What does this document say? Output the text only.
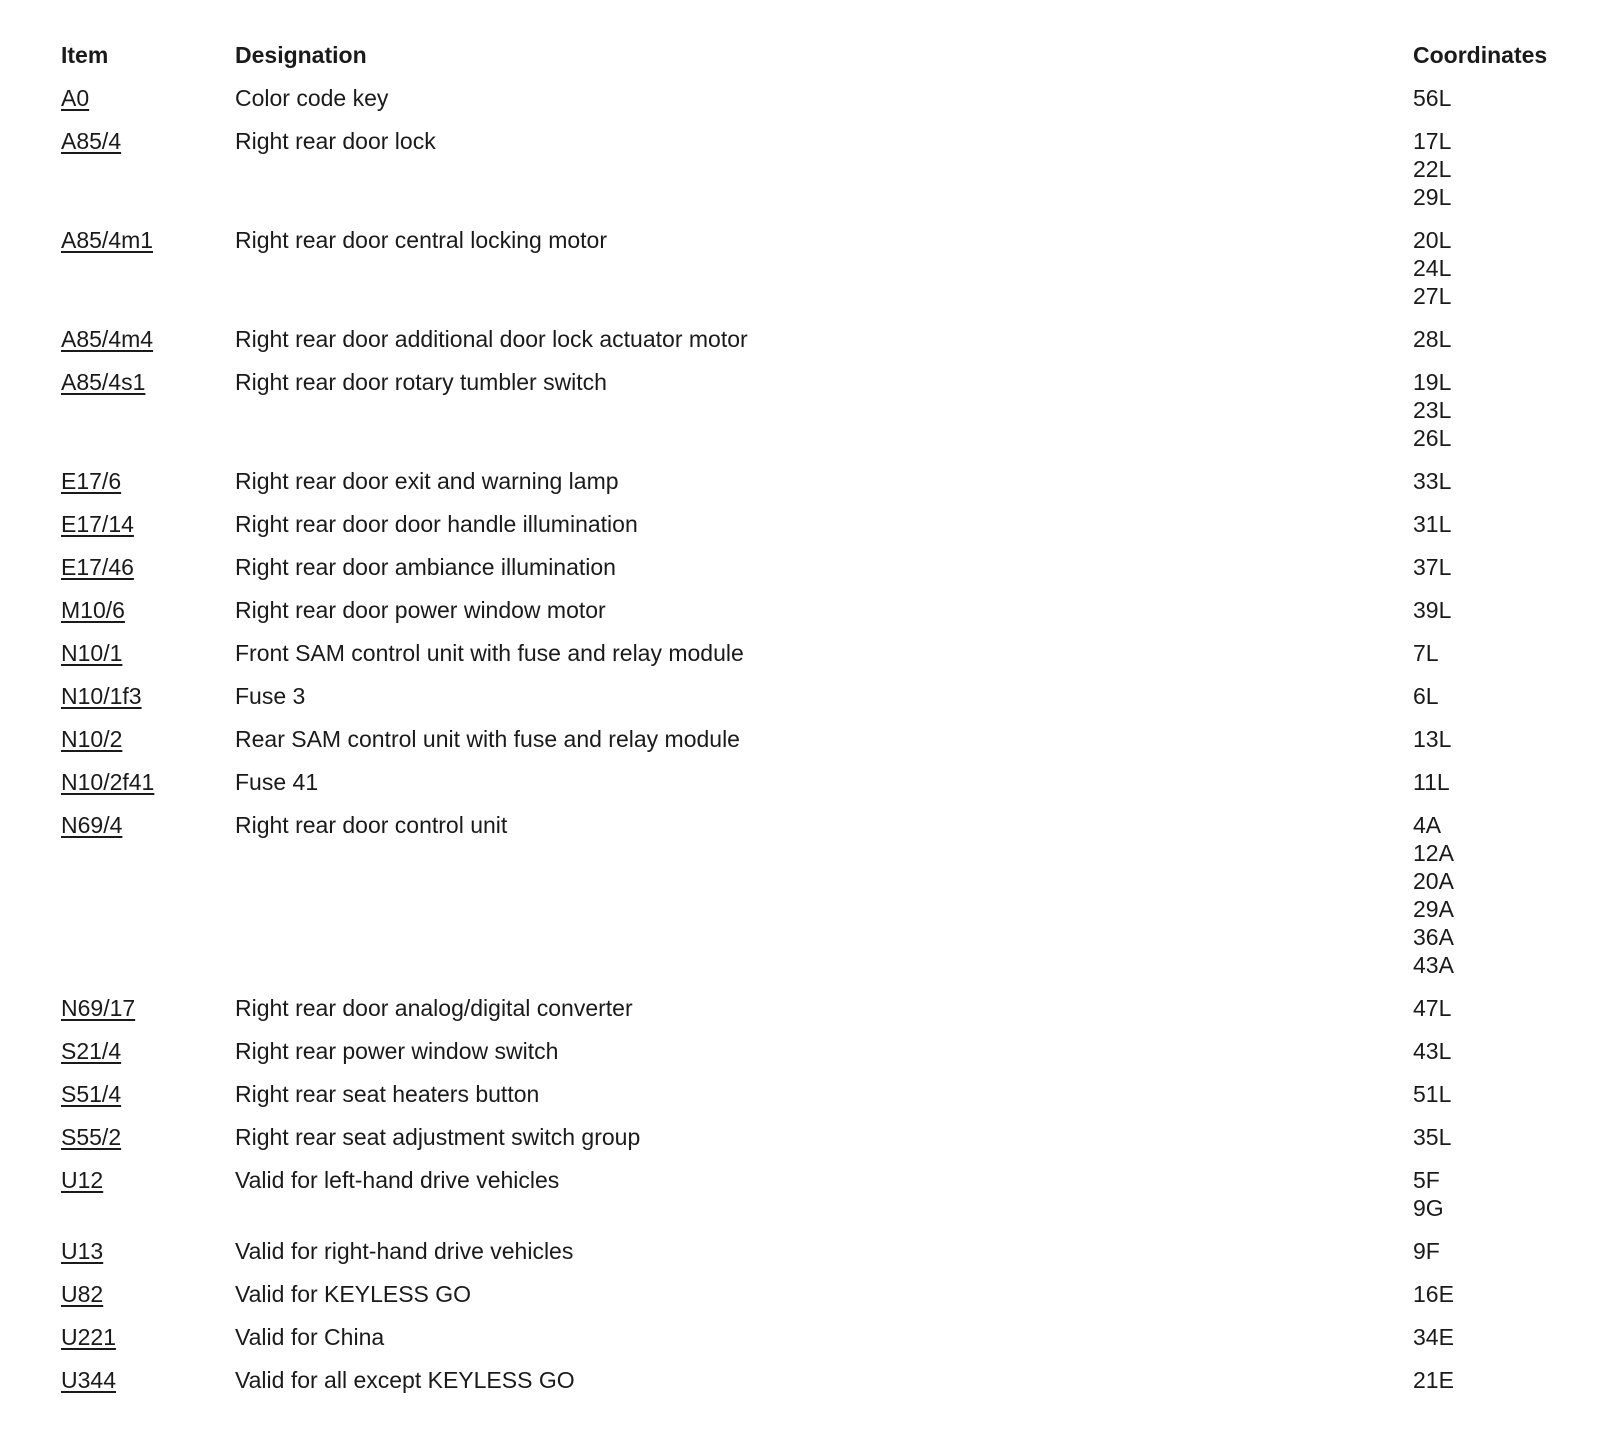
Item	Designation	Coordinates
A0	Color code key	56L
A85/4	Right rear door lock	17L
22L
29L
A85/4m1	Right rear door central locking motor	20L
24L
27L
A85/4m4	Right rear door additional door lock actuator motor	28L
A85/4s1	Right rear door rotary tumbler switch	19L
23L
26L
E17/6	Right rear door exit and warning lamp	33L
E17/14	Right rear door door handle illumination	31L
E17/46	Right rear door ambiance illumination	37L
M10/6	Right rear door power window motor	39L
N10/1	Front SAM control unit with fuse and relay module	7L
N10/1f3	Fuse 3	6L
N10/2	Rear SAM control unit with fuse and relay module	13L
N10/2f41	Fuse 41	11L
N69/4	Right rear door control unit	4A
12A
20A
29A
36A
43A
N69/17	Right rear door analog/digital converter	47L
S21/4	Right rear power window switch	43L
S51/4	Right rear seat heaters button	51L
S55/2	Right rear seat adjustment switch group	35L
U12	Valid for left-hand drive vehicles	5F
9G
U13	Valid for right-hand drive vehicles	9F
U82	Valid for KEYLESS GO	16E
U221	Valid for China	34E
U344	Valid for all except KEYLESS GO	21E
